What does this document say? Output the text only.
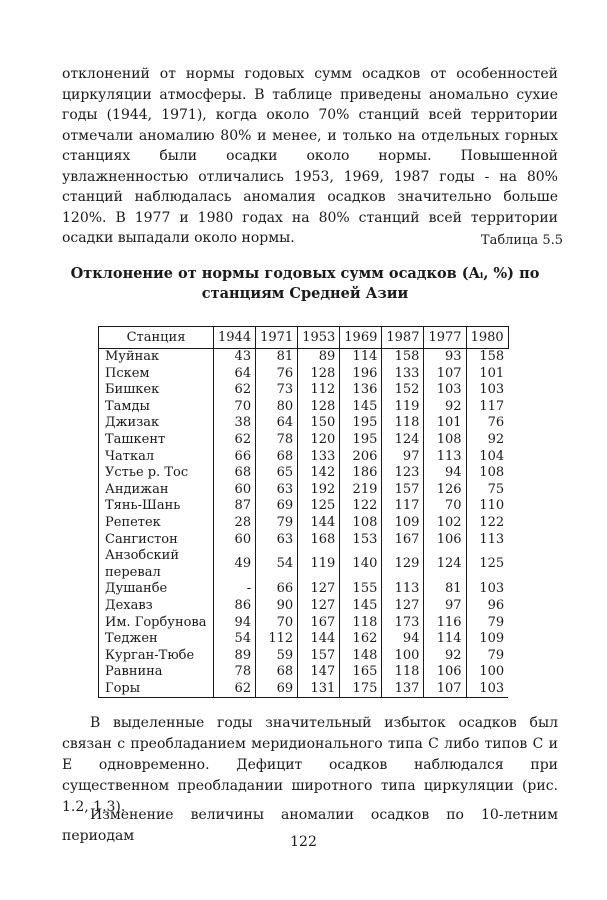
отклонений от нормы годовых сумм осадков от особенностей циркуляции атмосферы. В таблице приведены аномально сухие годы (1944, 1971), когда около 70% станций всей территории отмечали аномалию 80% и менее, и только на отдельных горных станциях были осадки около нормы. Повышенной увлажненностью отличались 1953, 1969, 1987 годы - на 80% станций наблюдалась аномалия осадков значительно больше 120%. В 1977 и 1980 годах на 80% станций всей территории осадки выпадали около нормы.	Таблица 5.5

Отклонение от нормы годовых сумм осадков (Aᵢ, %) по станциям Средней Азии

Станция	1944	1971	1953	1969	1987	1977	1980
Муйнак	43	81	89	114	158	93	158
Пскем	64	76	128	196	133	107	101
Бишкек	62	73	112	136	152	103	103
Тамды	70	80	128	145	119	92	117
Джизак	38	64	150	195	118	101	76
Ташкент	62	78	120	195	124	108	92
Чаткал	66	68	133	206	97	113	104
Устье р. Тос	68	65	142	186	123	94	108
Андижан	60	63	192	219	157	126	75
Тянь-Шань	87	69	125	122	117	70	110
Репетек	28	79	144	108	109	102	122
Сангистон	60	63	168	153	167	106	113
Анзобский перевал	49	54	119	140	129	124	125
Душанбе	-	66	127	155	113	81	103
Дехавз	86	90	127	145	127	97	96
Им. Горбунова	94	70	167	118	173	116	79
Теджен	54	112	144	162	94	114	109
Курган-Тюбе	89	59	157	148	100	92	79
Равнина	78	68	147	165	118	106	100
Горы	62	69	131	175	137	107	103

В выделенные годы значительный избыток осадков был связан с преобладанием меридионального типа С либо типов С и Е одновременно. Дефицит осадков наблюдался при существенном преобладании широтного типа циркуляции (рис. 1.2, 1.3).

Изменение величины аномалии осадков по 10-летним периодам	122
